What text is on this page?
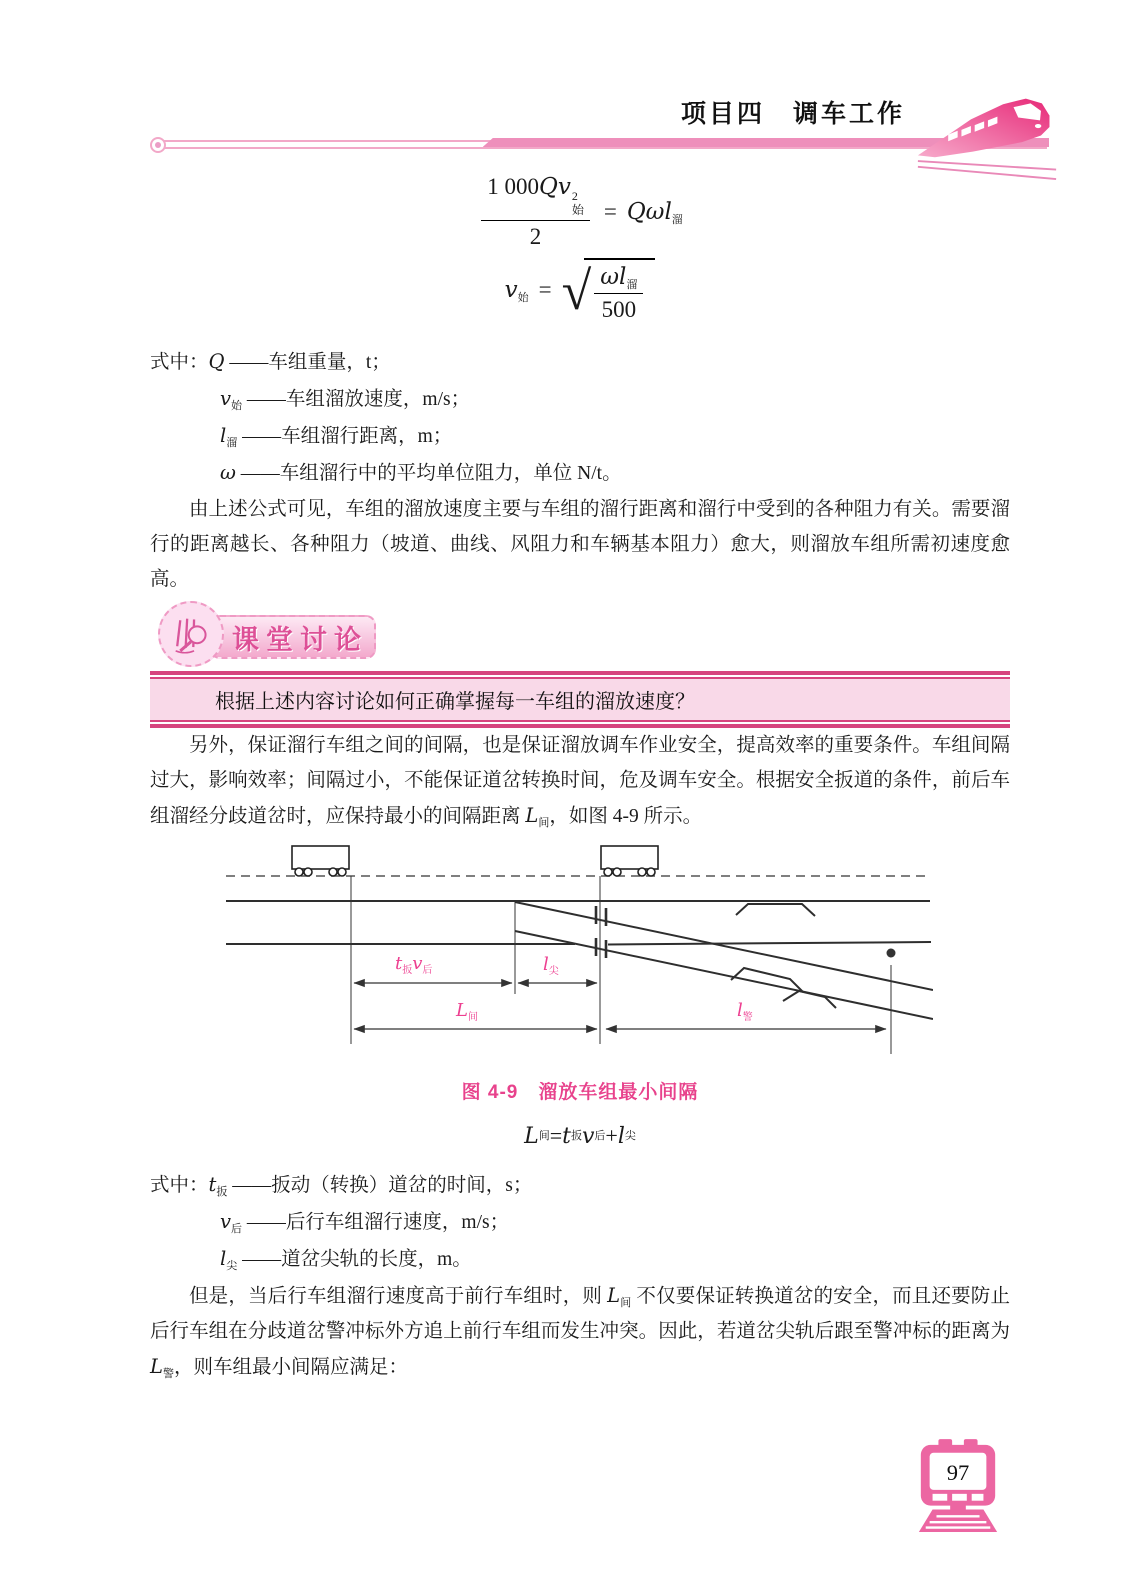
项目四　调车工作
1 000Qv 2
始
2 = Qωl$_溜$
$v_始$ = √ $\frac{\omega l_溜}{500}$
式中：Q ——车组重量，t；
$v_始$ ——车组溜放速度，m/s；
$l_溜$ ——车组溜行距离，m；
ω ——车组溜行中的平均单位阻力，单位 N/t。

由上述公式可见，车组的溜放速度主要与车组的溜行距离和溜行中受到的各种阻力有关。需要溜行的距离越长、各种阻力（坡道、曲线、风阻力和车辆基本阻力）愈大，则溜放车组所需初速度愈高。

课堂讨论
根据上述内容讨论如何正确掌握每一车组的溜放速度？

另外，保证溜行车组之间的间隔，也是保证溜放调车作业安全，提高效率的重要条件。车组间隔过大，影响效率；间隔过小，不能保证道岔转换时间，危及调车安全。根据安全扳道的条件，前后车组溜经分歧道岔时，应保持最小的间隔距离 $L_间$，如图 4-9 所示。

$t_扳v_后$	$l_尖$
$L_间$	$l_警$
图 4-9　溜放车组最小间隔
L 间 = t 扳 v 后 + l 尖
式中：$t_扳$ ——扳动（转换）道岔的时间，s；
$v_后$ ——后行车组溜行速度，m/s；
$l_尖$ ——道岔尖轨的长度，m。

但是，当后行车组溜行速度高于前行车组时，则 $L_间$ 不仅要保证转换道岔的安全，而且还要防止后行车组在分歧道岔警冲标外方追上前行车组而发生冲突。因此，若道岔尖轨后跟至警冲标的距离为 $L_警$，则车组最小间隔应满足：

97
